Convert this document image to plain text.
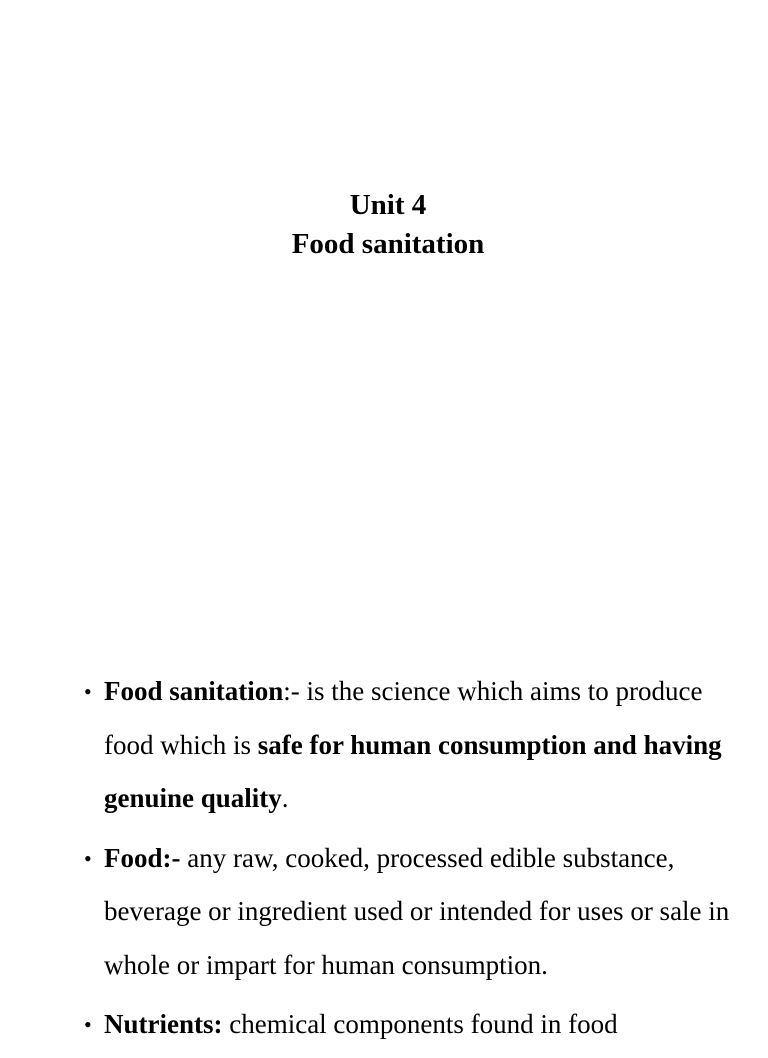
Unit 4
Food sanitation
• Food sanitation:- is the science which aims to produce food which is safe for human consumption and having genuine quality.
• Food:- any raw, cooked, processed edible substance, beverage or ingredient used or intended for uses or sale in whole or impart for human consumption.
• Nutrients: chemical components found in food
